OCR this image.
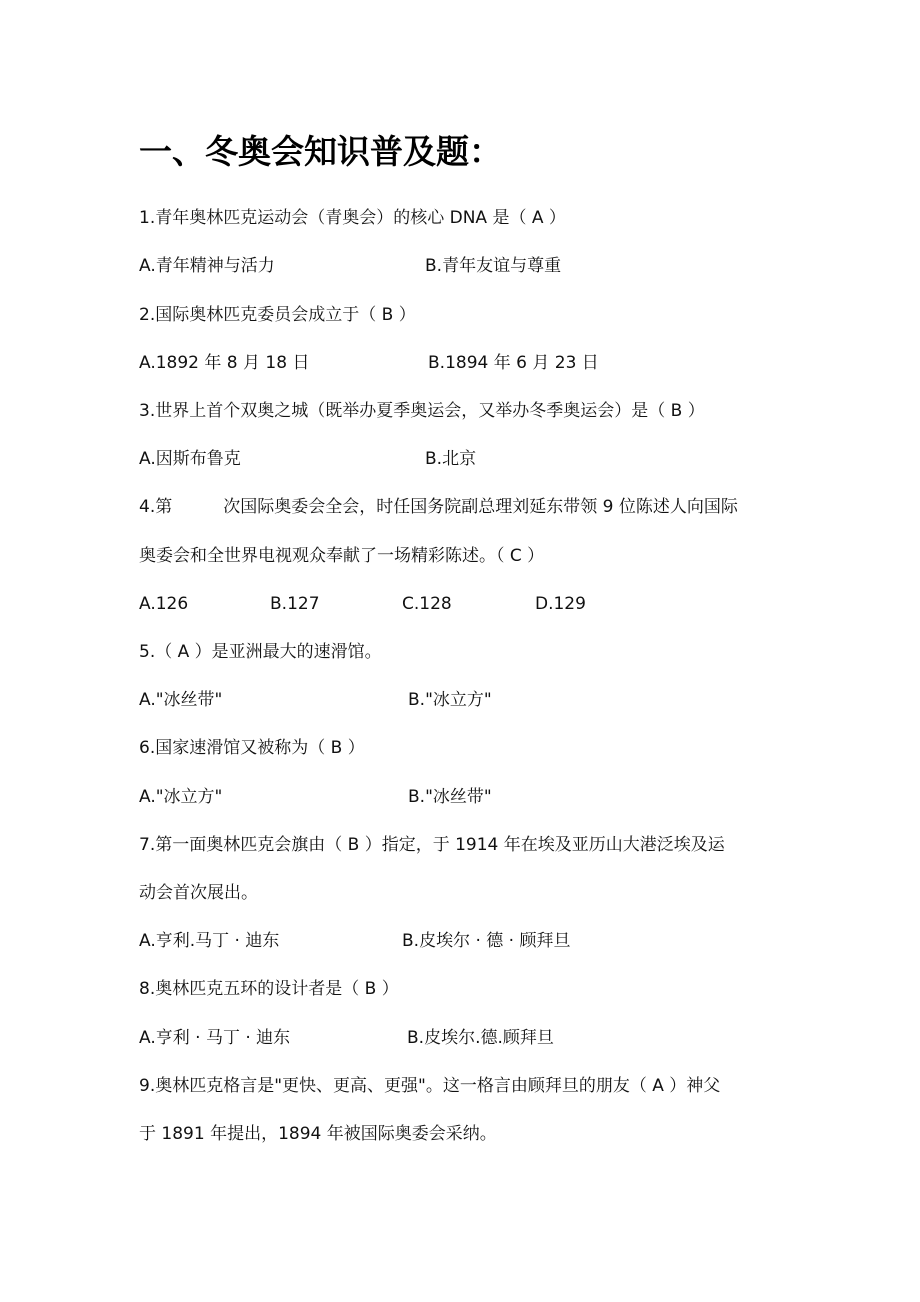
一、冬奥会知识普及题：
1.青年奥林匹克运动会（青奥会）的核心 DNA 是（ A ）
A.青年精神与活力	B.青年友谊与尊重
2.国际奥林匹克委员会成立于（ B ）
A.1892 年 8 月 18 日	B.1894 年 6 月 23 日
3.世界上首个双奥之城（既举办夏季奥运会，又举办冬季奥运会）是（ B ）
A.因斯布鲁克	B.北京
4.第　　　次国际奥委会全会，时任国务院副总理刘延东带领 9 位陈述人向国际
奥委会和全世界电视观众奉献了一场精彩陈述。（ C ）
A.126	B.127	C.128	D.129
5.（ A ）是亚洲最大的速滑馆。
A."冰丝带"	B."冰立方"
6.国家速滑馆又被称为（ B ）
A."冰立方"	B."冰丝带"
7.第一面奥林匹克会旗由（ B ）指定，于 1914 年在埃及亚历山大港泛埃及运
动会首次展出。
A.亨利.马丁 · 迪东	B.皮埃尔 · 德 · 顾拜旦
8.奥林匹克五环的设计者是（ B ）
A.亨利 · 马丁 · 迪东	B.皮埃尔.德.顾拜旦
9.奥林匹克格言是"更快、更高、更强"。这一格言由顾拜旦的朋友（ A ）神父
于 1891 年提出，1894 年被国际奥委会采纳。
